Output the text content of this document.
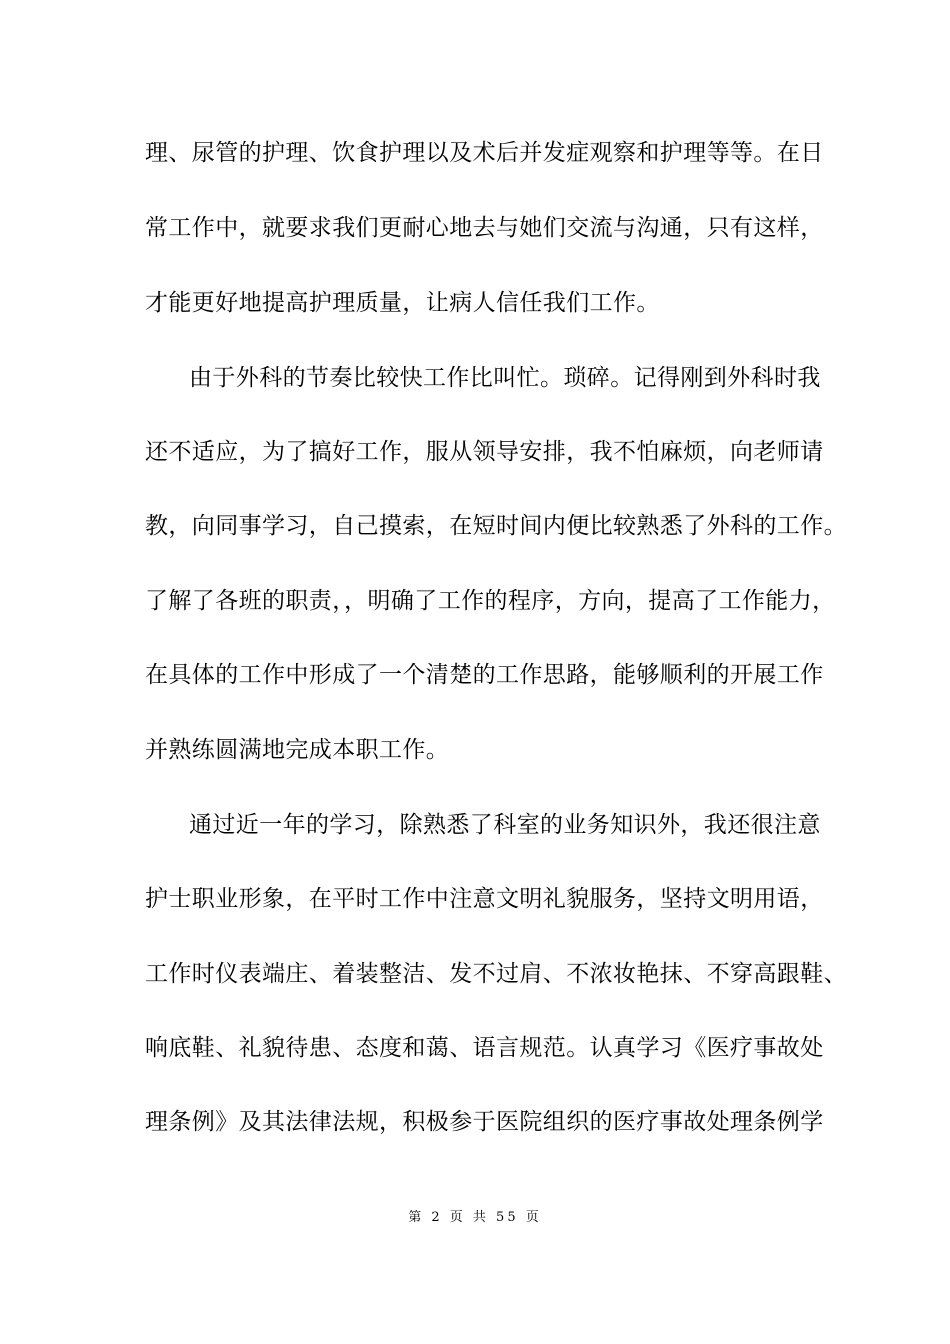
理、尿管的护理、饮食护理以及术后并发症观察和护理等等。在日
常工作中，就要求我们更耐心地去与她们交流与沟通，只有这样，
才能更好地提高护理质量，让病人信任我们工作。
由于外科的节奏比较快工作比叫忙。琐碎。记得刚到外科时我
还不适应，为了搞好工作，服从领导安排，我不怕麻烦，向老师请
教，向同事学习，自己摸索，在短时间内便比较熟悉了外科的工作。
了解了各班的职责，，明确了工作的程序，方向，提高了工作能力，
在具体的工作中形成了一个清楚的工作思路，能够顺利的开展工作
并熟练圆满地完成本职工作。
通过近一年的学习，除熟悉了科室的业务知识外，我还很注意
护士职业形象，在平时工作中注意文明礼貌服务，坚持文明用语，
工作时仪表端庄、着装整洁、发不过肩、不浓妆艳抹、不穿高跟鞋、
响底鞋、礼貌待患、态度和蔼、语言规范。认真学习《医疗事故处
理条例》及其法律法规，积极参于医院组织的医疗事故处理条例学
第 2 页 共 55 页
